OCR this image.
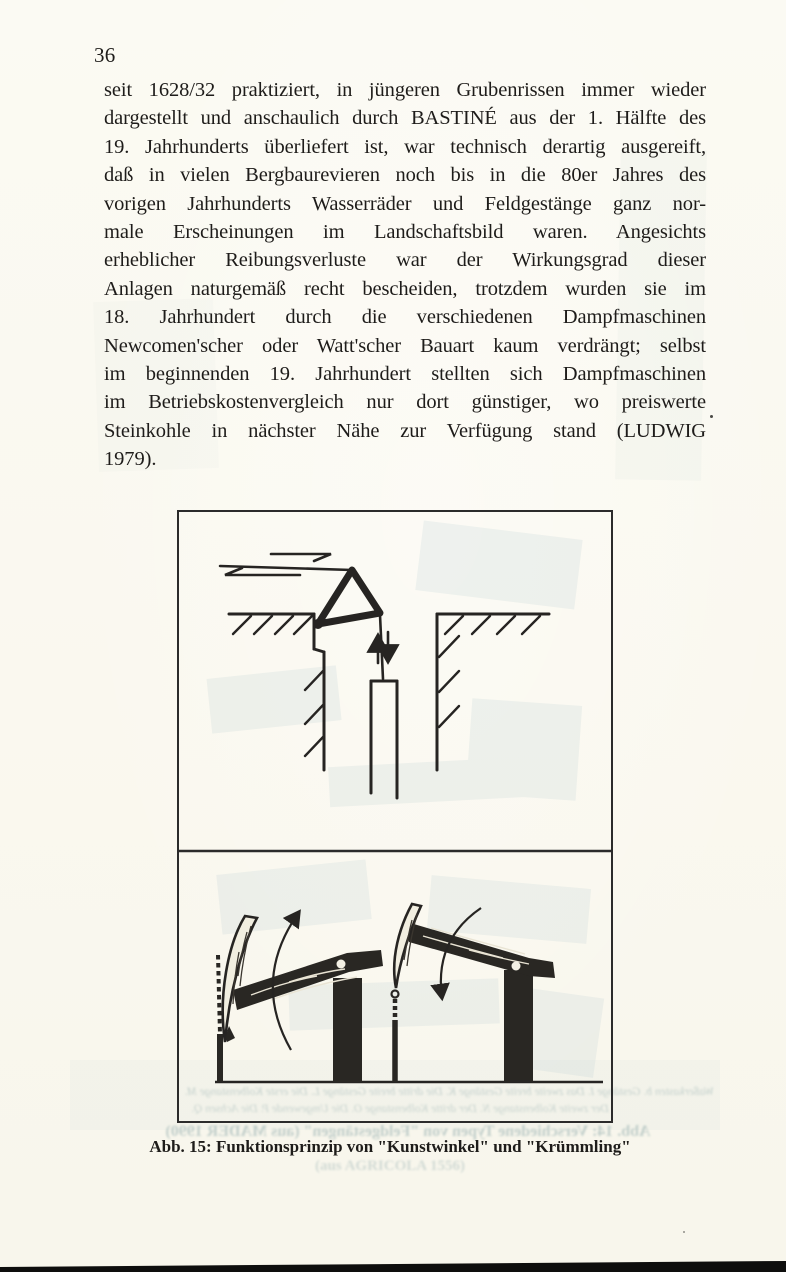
36
seit 1628/32 praktiziert, in jüngeren Grubenrissen immer wieder
dargestellt und anschaulich durch BASTINÉ aus der 1. Hälfte des
19. Jahrhunderts überliefert ist, war technisch derartig ausgereift,
daß in vielen Bergbaurevieren noch bis in die 80er Jahres des
vorigen Jahrhunderts Wasserräder und Feldgestänge ganz nor-
male Erscheinungen im Landschaftsbild waren. Angesichts
erheblicher Reibungsverluste war der Wirkungsgrad dieser
Anlagen naturgemäß recht bescheiden, trotzdem wurden sie im
18. Jahrhundert durch die verschiedenen Dampfmaschinen
Newcomen'scher oder Watt'scher Bauart kaum verdrängt; selbst
im beginnenden 19. Jahrhundert stellten sich Dampfmaschinen
im Betriebskostenvergleich nur dort günstiger, wo preiswerte
Steinkohle in nächster Nähe zur Verfügung stand (LUDWIG
1979).
Waßerkasten b. Gestänge I. Das zweite breite Gestänge K. Die dritte breite Gestänge L. Die erste Kolbenstange M.
Der zweite Kolbenstange N. Der dritte Kolbenstange O. Die Umgewende P. Die Achsen Q.
Abb. 14: Verschiedene Typen von "Feldgestängen" (aus MADER 1990)
(aus AGRICOLA 1556)
Abb. 15: Funktionsprinzip von "Kunstwinkel" und "Krümmling"
